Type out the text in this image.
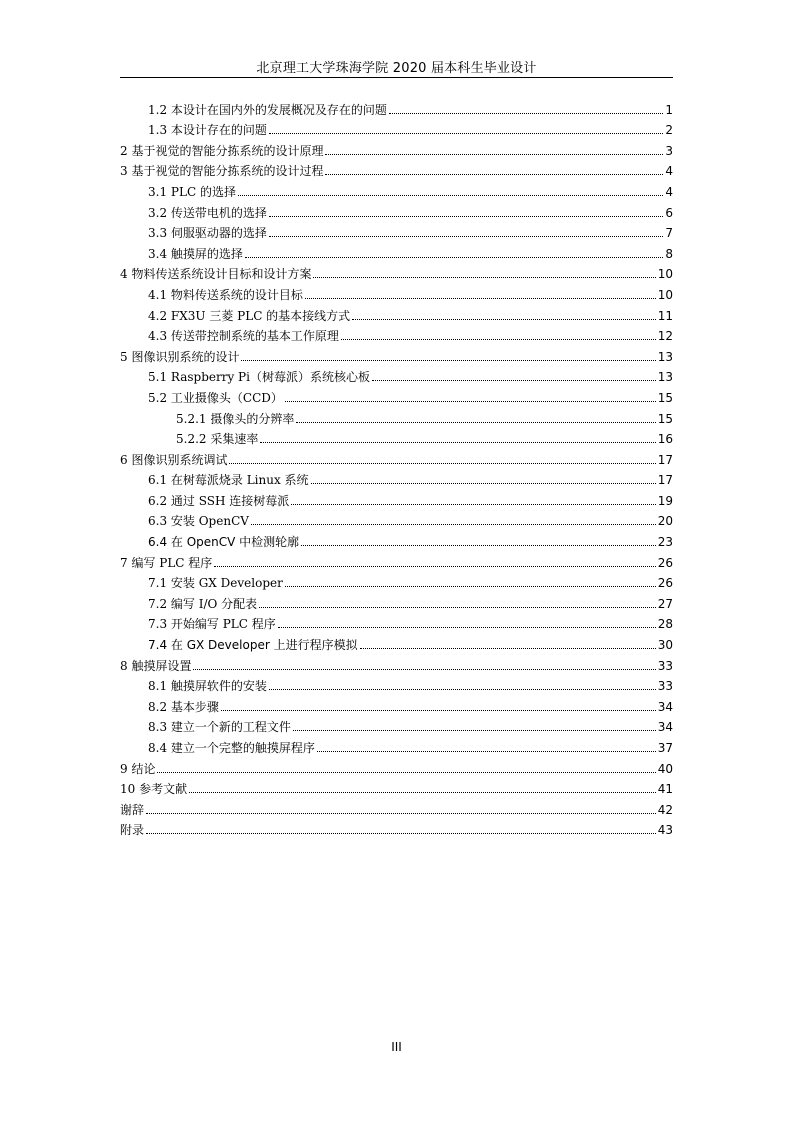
北京理工大学珠海学院 2020 届本科生毕业设计
1.2 本设计在国内外的发展概况及存在的问题	1
1.3 本设计存在的问题	2
2 基于视觉的智能分拣系统的设计原理	3
3 基于视觉的智能分拣系统的设计过程	4
3.1 PLC 的选择	4
3.2 传送带电机的选择	6
3.3 伺服驱动器的选择	7
3.4 触摸屏的选择	8
4 物料传送系统设计目标和设计方案	10
4.1 物料传送系统的设计目标	10
4.2 FX3U 三菱 PLC 的基本接线方式	11
4.3 传送带控制系统的基本工作原理	12
5 图像识别系统的设计	13
5.1 Raspberry Pi（树莓派）系统核心板	13
5.2 工业摄像头（CCD）	15
5.2.1 摄像头的分辨率	15
5.2.2 采集速率	16
6 图像识别系统调试	17
6.1 在树莓派烧录 Linux 系统	17
6.2 通过 SSH 连接树莓派	19
6.3 安装 OpenCV	20
6.4 在 OpenCV 中检测轮廓	23
7 编写 PLC 程序	26
7.1 安装 GX Developer	26
7.2 编写 I/O 分配表	27
7.3 开始编写 PLC 程序	28
7.4 在 GX Developer 上进行程序模拟	30
8 触摸屏设置	33
8.1 触摸屏软件的安装	33
8.2 基本步骤	34
8.3 建立一个新的工程文件	34
8.4 建立一个完整的触摸屏程序	37
9 结论	40
10 参考文献	41
谢辞	42
附录	43
III
